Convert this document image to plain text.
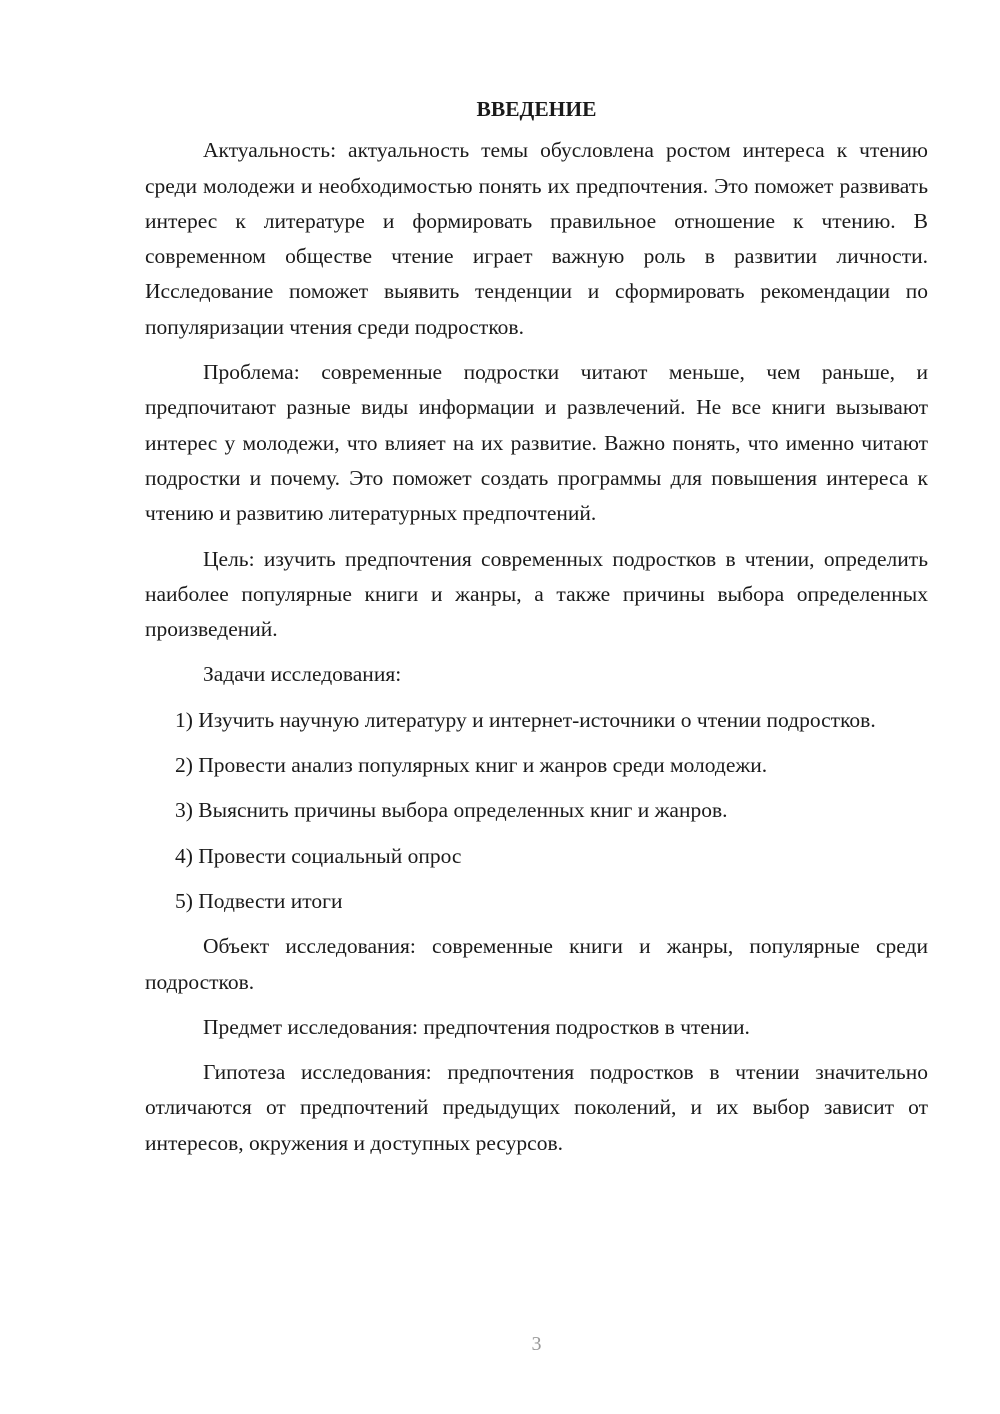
ВВЕДЕНИЕ

Актуальность: актуальность темы обусловлена ростом интереса к чтению среди молодежи и необходимостью понять их предпочтения. Это поможет развивать интерес к литературе и формировать правильное отношение к чтению. В современном обществе чтение играет важную роль в развитии личности. Исследование поможет выявить тенденции и сформировать рекомендации по популяризации чтения среди подростков.

Проблема: современные подростки читают меньше, чем раньше, и предпочитают разные виды информации и развлечений. Не все книги вызывают интерес у молодежи, что влияет на их развитие. Важно понять, что именно читают подростки и почему. Это поможет создать программы для повышения интереса к чтению и развитию литературных предпочтений.

Цель: изучить предпочтения современных подростков в чтении, определить наиболее популярные книги и жанры, а также причины выбора определенных произведений.

Задачи исследования:

1) Изучить научную литературу и интернет-источники о чтении подростков.

2) Провести анализ популярных книг и жанров среди молодежи.

3) Выяснить причины выбора определенных книг и жанров.

4) Провести социальный опрос

5) Подвести итоги

Объект исследования: современные книги и жанры, популярные среди подростков.

Предмет исследования: предпочтения подростков в чтении.

Гипотеза исследования: предпочтения подростков в чтении значительно отличаются от предпочтений предыдущих поколений, и их выбор зависит от интересов, окружения и доступных ресурсов.

3
